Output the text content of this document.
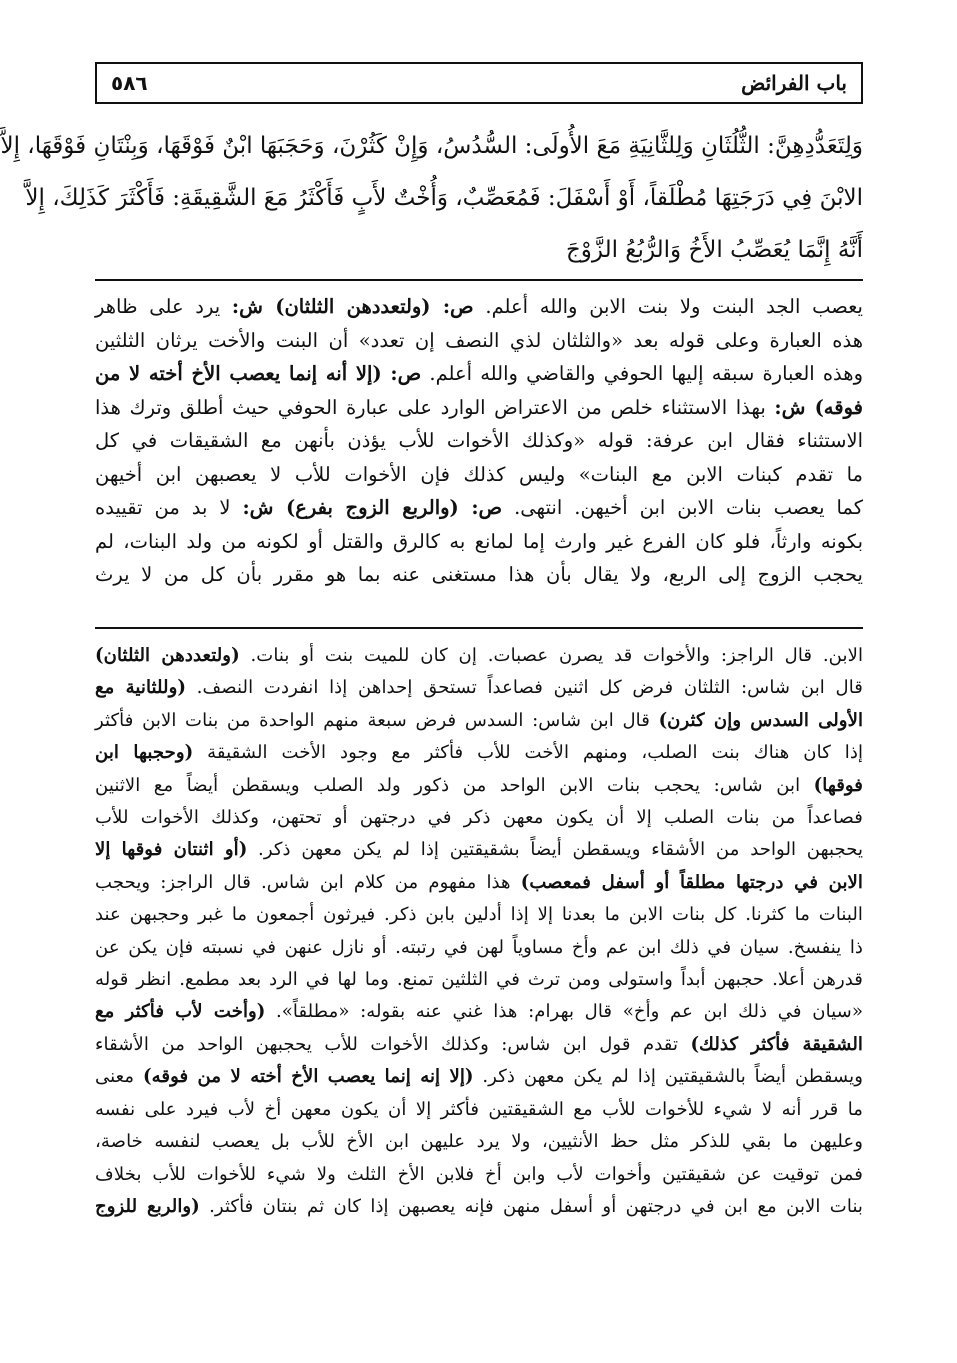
باب الفرائض
٥٨٦
وَلِتَعَدُّدِهِنَّ: الثُّلُثَانِ وَلِلثَّانِيَةِ مَعَ الأُولَى: السُّدُسُ، وَإِنْ كَثُرْنَ، وَحَجَبَهَا ابْنٌ فَوْقَهَا، وَبِنْتَانِ فَوْقَهَا، إِلاَّ
الابْنَ فِي دَرَجَتِهَا مُطْلَقاً، أَوْ أَسْفَلَ: فَمُعَصِّبٌ، وَأُخْتٌ لأَبٍ فَأَكْثَرُ مَعَ الشَّقِيقَةِ: فَأَكْثَرَ كَذَلِكَ، إِلاَّ
أَنَّهُ إِنَّمَا يُعَصِّبُ الأَخُ وَالرُّبُعُ الزَّوْجَ
يعصب الجد البنت ولا بنت الابن والله أعلم. ص: (ولتعددهن الثلثان) ش: يرد على ظاهر
هذه العبارة وعلى قوله بعد «والثلثان لذي النصف إن تعدد» أن البنت والأخت يرثان الثلثين
وهذه العبارة سبقه إليها الحوفي والقاضي والله أعلم. ص: (إلا أنه إنما يعصب الأخ أخته لا من
فوقه) ش: بهذا الاستثناء خلص من الاعتراض الوارد على عبارة الحوفي حيث أطلق وترك هذا
الاستثناء فقال ابن عرفة: قوله «وكذلك الأخوات للأب يؤذن بأنهن مع الشقيقات في كل
ما تقدم كبنات الابن مع البنات» وليس كذلك فإن الأخوات للأب لا يعصبهن ابن أخيهن
كما يعصب بنات الابن ابن أخيهن. انتهى. ص: (والربع الزوج بفرع) ش: لا بد من تقييده
بكونه وارثاً، فلو كان الفرع غير وارث إما لمانع به كالرق والقتل أو لكونه من ولد البنات، لم
يحجب الزوج إلى الربع، ولا يقال بأن هذا مستغنى عنه بما هو مقرر بأن كل من لا يرث
الابن. قال الراجز: والأخوات قد يصرن عصبات. إن كان للميت بنت أو بنات. (ولتعددهن الثلثان)
قال ابن شاس: الثلثان فرض كل اثنين فصاعداً تستحق إحداهن إذا انفردت النصف. (وللثانية مع
الأولى السدس وإن كثرن) قال ابن شاس: السدس فرض سبعة منهم الواحدة من بنات الابن فأكثر
إذا كان هناك بنت الصلب، ومنهم الأخت للأب فأكثر مع وجود الأخت الشقيقة (وحجبها ابن
فوقها) ابن شاس: يحجب بنات الابن الواحد من ذكور ولد الصلب ويسقطن أيضاً مع الاثنين
فصاعداً من بنات الصلب إلا أن يكون معهن ذكر في درجتهن أو تحتهن، وكذلك الأخوات للأب
يحجبهن الواحد من الأشقاء ويسقطن أيضاً بشقيقتين إذا لم يكن معهن ذكر. (أو اثنتان فوقها إلا
الابن في درجتها مطلقاً أو أسفل فمعصب) هذا مفهوم من كلام ابن شاس. قال الراجز: ويحجب
البنات ما كثرنا. كل بنات الابن ما بعدنا إلا إذا أدلين بابن ذكر. فيرثون أجمعون ما غبر وحجبهن عند
ذا ينفسخ. سيان في ذلك ابن عم وأخ مساوياً لهن في رتبته. أو نازل عنهن في نسبته فإن يكن عن
قدرهن أعلا. حجبهن أبداً واستولى ومن ترث في الثلثين تمنع. وما لها في الرد بعد مطمع. انظر قوله
«سيان في ذلك ابن عم وأخ» قال بهرام: هذا غني عنه بقوله: «مطلقاً». (وأخت لأب فأكثر مع
الشقيقة فأكثر كذلك) تقدم قول ابن شاس: وكذلك الأخوات للأب يحجبهن الواحد من الأشقاء
ويسقطن أيضاً بالشقيقتين إذا لم يكن معهن ذكر. (إلا إنه إنما يعصب الأخ أخته لا من فوقه) معنى
ما قرر أنه لا شيء للأخوات للأب مع الشقيقتين فأكثر إلا أن يكون معهن أخ لأب فيرد على نفسه
وعليهن ما بقي للذكر مثل حظ الأنثيين، ولا يرد عليهن ابن الأخ للأب بل يعصب لنفسه خاصة،
فمن توقيت عن شقيقتين وأخوات لأب وابن أخ فلابن الأخ الثلث ولا شيء للأخوات للأب بخلاف
بنات الابن مع ابن في درجتهن أو أسفل منهن فإنه يعصبهن إذا كان ثم بنتان فأكثر. (والربع للزوج
